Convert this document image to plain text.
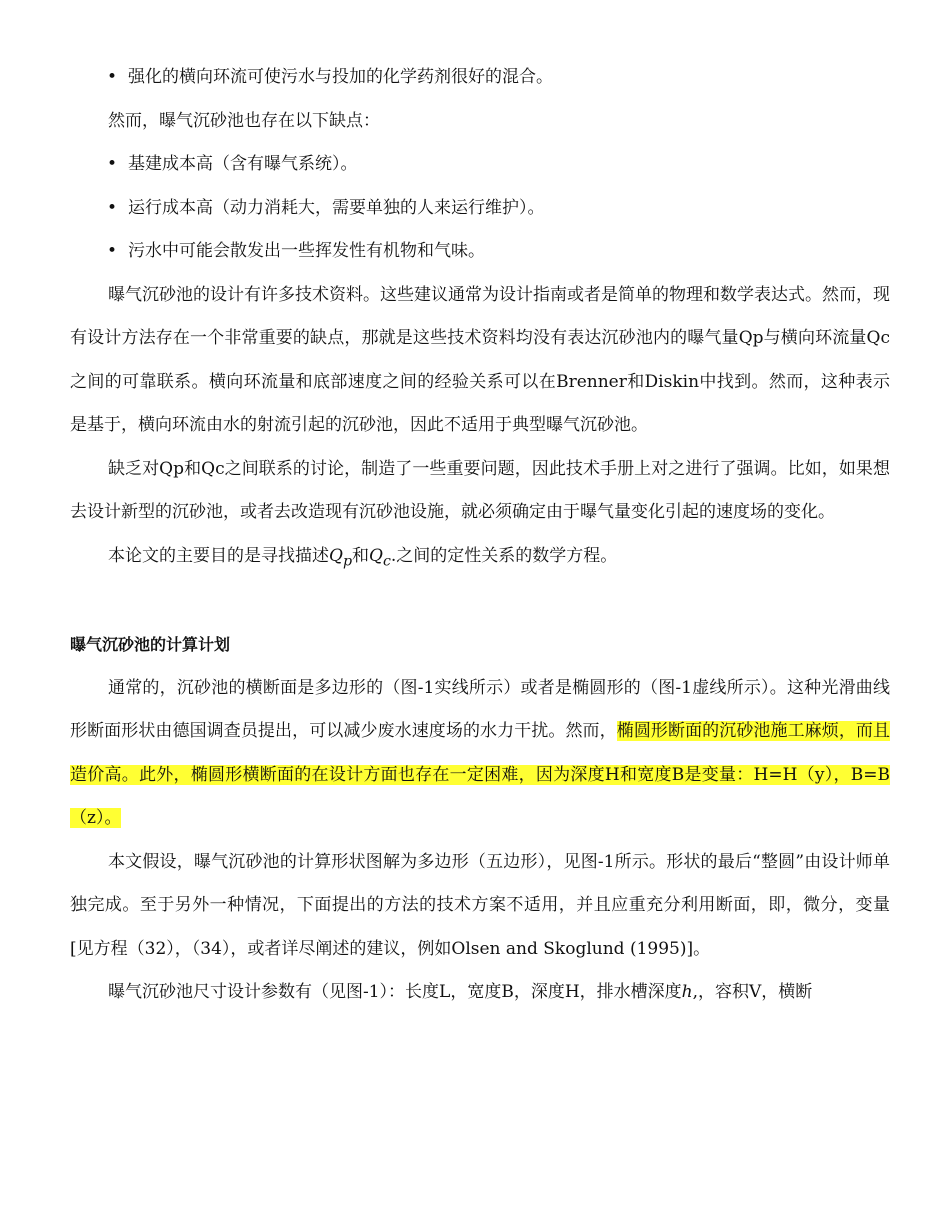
• 强化的横向环流可使污水与投加的化学药剂很好的混合。
然而，曝气沉砂池也存在以下缺点：
• 基建成本高（含有曝气系统）。
• 运行成本高（动力消耗大，需要单独的人来运行维护）。
• 污水中可能会散发出一些挥发性有机物和气味。
曝气沉砂池的设计有许多技术资料。这些建议通常为设计指南或者是简单的物理和数学表达式。然而，现有设计方法存在一个非常重要的缺点，那就是这些技术资料均没有表达沉砂池内的曝气量Qp与横向环流量Qc之间的可靠联系。横向环流量和底部速度之间的经验关系可以在Brenner和Diskin中找到。然而，这种表示是基于，横向环流由水的射流引起的沉砂池，因此不适用于典型曝气沉砂池。
缺乏对Qp和Qc之间联系的讨论，制造了一些重要问题，因此技术手册上对之进行了强调。比如，如果想去设计新型的沉砂池，或者去改造现有沉砂池设施，就必须确定由于曝气量变化引起的速度场的变化。
本论文的主要目的是寻找描述$Q_p$和$Q_c$.之间的定性关系的数学方程。
曝气沉砂池的计算计划
通常的，沉砂池的横断面是多边形的（图-1实线所示）或者是椭圆形的（图-1虚线所示）。这种光滑曲线形断面形状由德国调查员提出，可以减少废水速度场的水力干扰。然而，椭圆形断面的沉砂池施工麻烦，而且造价高。此外，椭圆形横断面的在设计方面也存在一定困难，因为深度H和宽度B是变量：H=H（y），B=B（z）。
本文假设，曝气沉砂池的计算形状图解为多边形（五边形），见图-1所示。形状的最后“整圆”由设计师单独完成。至于另外一种情况，下面提出的方法的技术方案不适用，并且应重充分利用断面，即，微分，变量[见方程（32），（34），或者详尽阐述的建议，例如Olsen and Skoglund (1995)]。
曝气沉砂池尺寸设计参数有（见图-1）：长度L，宽度B，深度H，排水槽深度h,，容积V，横断
